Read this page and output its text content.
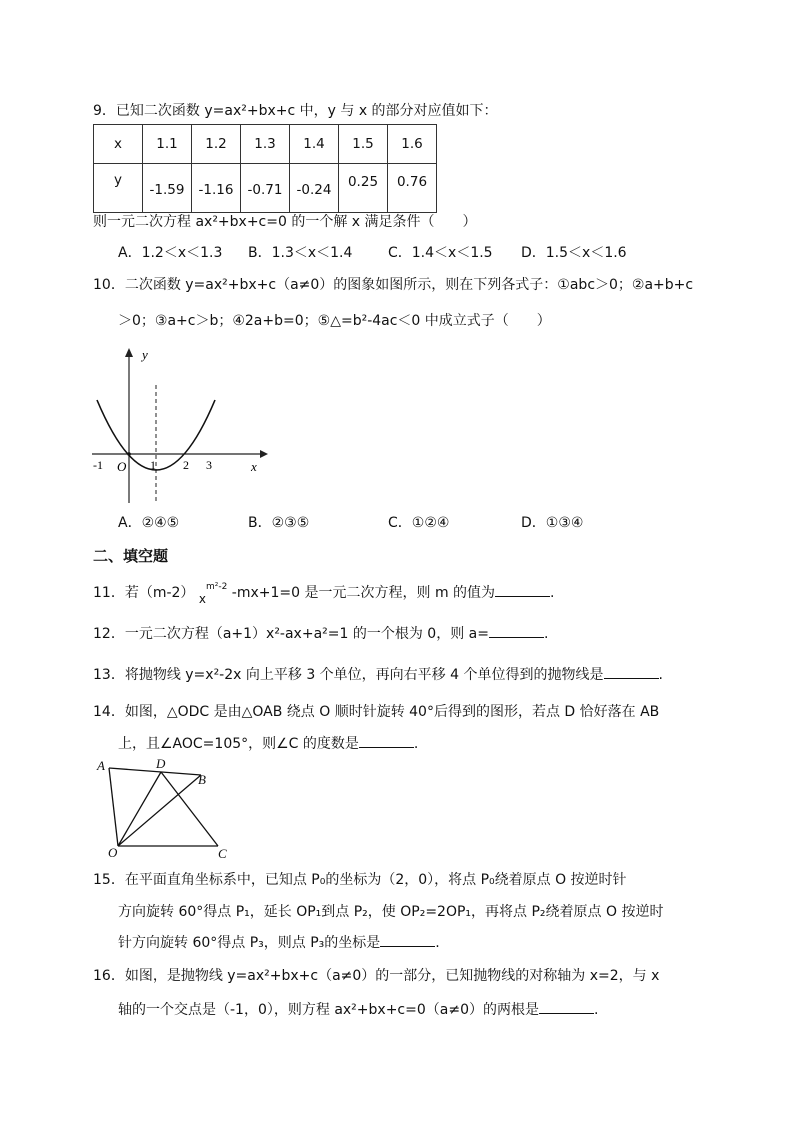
9．已知二次函数 y=ax²+bx+c 中，y 与 x 的部分对应值如下：
x	1.1	1.2	1.3	1.4	1.5	1.6
y	-1.59	-1.16	-0.71	-0.24	0.25	0.76
则一元二次方程 ax²+bx+c=0 的一个解 x 满足条件（　　）
A．1.2＜x＜1.3 B．1.3＜x＜1.4	C．1.4＜x＜1.5 D．1.5＜x＜1.6
10．二次函数 y=ax²+bx+c（a≠0）的图象如图所示，则在下列各式子：①abc＞0；②a+b+c
＞0；③a+c＞b；④2a+b=0；⑤△=b²-4ac＜0 中成立式子（　　）
y
x
O
-1	1 2 3
A．②④⑤	B．②③⑤	C．①②④	D．①③④
二、填空题
11．若（m-2） $x^{m^2-2}$ -mx+1=0 是一元二次方程，则 m 的值为	.
12．一元二次方程（a+1）x²-ax+a²=1 的一个根为 0，则 a=	.
13．将抛物线 y=x²-2x 向上平移 3 个单位，再向右平移 4 个单位得到的抛物线是	.
14．如图，△ODC 是由△OAB 绕点 O 顺时针旋转 40°后得到的图形，若点 D 恰好落在 AB
上，且∠AOC=105°，则∠C 的度数是	.
A	D
B
O	C
15．在平面直角坐标系中，已知点 P₀的坐标为（2，0），将点 P₀绕着原点 O 按逆时针
方向旋转 60°得点 P₁，延长 OP₁到点 P₂，使 OP₂=2OP₁，再将点 P₂绕着原点 O 按逆时
针方向旋转 60°得点 P₃，则点 P₃的坐标是	.
16．如图，是抛物线 y=ax²+bx+c（a≠0）的一部分，已知抛物线的对称轴为 x=2，与 x
轴的一个交点是（-1，0），则方程 ax²+bx+c=0（a≠0）的两根是	.
